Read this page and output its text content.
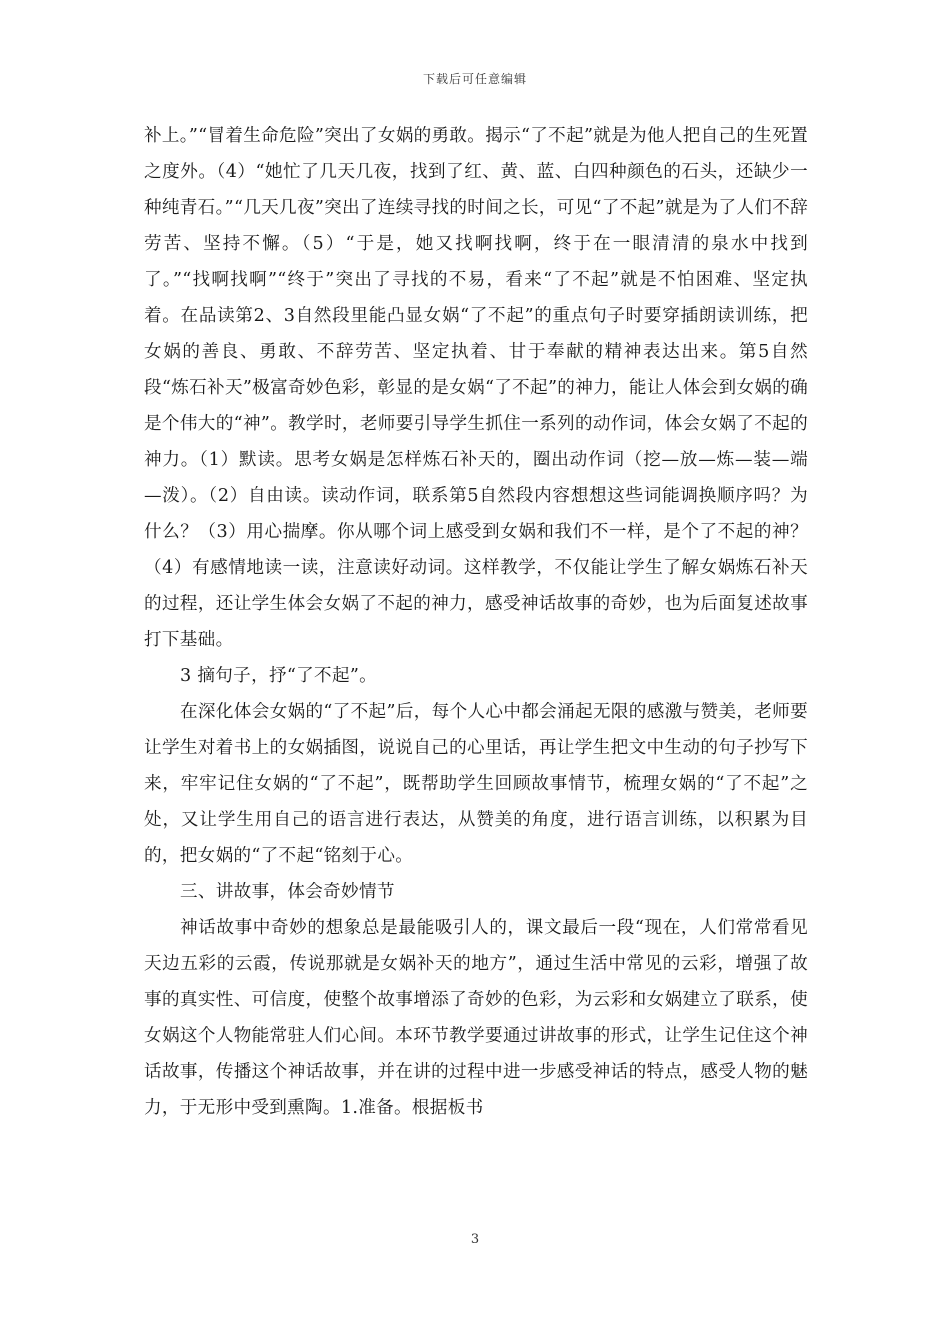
下载后可任意编辑

补上。”“冒着生命危险”突出了女娲的勇敢。揭示“了不起”就是为他人把自己的生死置之度外。（4）“她忙了几天几夜，找到了红、黄、蓝、白四种颜色的石头，还缺少一种纯青石。”“几天几夜”突出了连续寻找的时间之长，可见“了不起”就是为了人们不辞劳苦、坚持不懈。（5）“于是，她又找啊找啊，终于在一眼清清的泉水中找到了。”“找啊找啊”“终于”突出了寻找的不易，看来“了不起”就是不怕困难、坚定执着。在品读第2、3自然段里能凸显女娲“了不起”的重点句子时要穿插朗读训练，把女娲的善良、勇敢、不辞劳苦、坚定执着、甘于奉献的精神表达出来。第5自然段“炼石补天”极富奇妙色彩，彰显的是女娲“了不起”的神力，能让人体会到女娲的确是个伟大的“神”。教学时，老师要引导学生抓住一系列的动作词，体会女娲了不起的神力。（1）默读。思考女娲是怎样炼石补天的，圈出动作词（挖—放—炼—装—端—泼）。（2）自由读。读动作词，联系第5自然段内容想想这些词能调换顺序吗？为什么？（3）用心揣摩。你从哪个词上感受到女娲和我们不一样，是个了不起的神？（4）有感情地读一读，注意读好动词。这样教学，不仅能让学生了解女娲炼石补天的过程，还让学生体会女娲了不起的神力，感受神话故事的奇妙，也为后面复述故事打下基础。

3 摘句子，抒“了不起”。

在深化体会女娲的“了不起”后，每个人心中都会涌起无限的感激与赞美，老师要让学生对着书上的女娲插图，说说自己的心里话，再让学生把文中生动的句子抄写下来，牢牢记住女娲的“了不起”，既帮助学生回顾故事情节，梳理女娲的“了不起”之处，又让学生用自己的语言进行表达，从赞美的角度，进行语言训练，以积累为目的，把女娲的“了不起“铭刻于心。

三、讲故事，体会奇妙情节

神话故事中奇妙的想象总是最能吸引人的，课文最后一段“现在，人们常常看见天边五彩的云霞，传说那就是女娲补天的地方”，通过生活中常见的云彩，增强了故事的真实性、可信度，使整个故事增添了奇妙的色彩，为云彩和女娲建立了联系，使女娲这个人物能常驻人们心间。本环节教学要通过讲故事的形式，让学生记住这个神话故事，传播这个神话故事，并在讲的过程中进一步感受神话的特点，感受人物的魅力，于无形中受到熏陶。1.准备。根据板书

3
